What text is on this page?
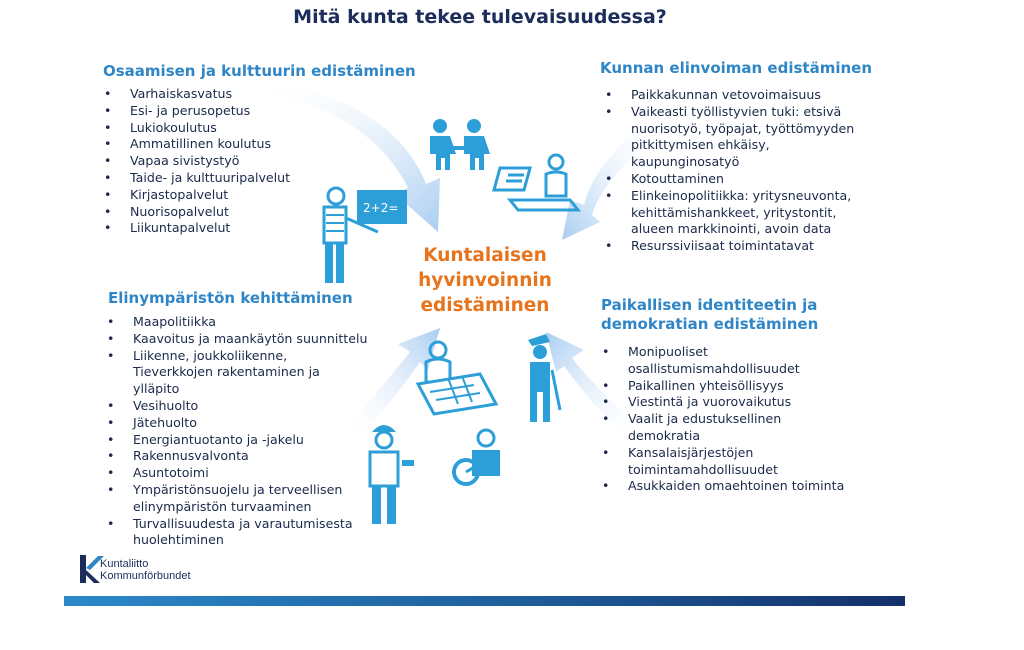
Mitä kunta tekee tulevaisuudessa?
2+2=
Osaamisen ja kulttuurin edistäminen
• Varhaiskasvatus
• Esi- ja perusopetus
• Lukiokoulutus
• Ammatillinen koulutus
• Vapaa sivistystyö
• Taide- ja kulttuuripalvelut
• Kirjastopalvelut
• Nuorisopalvelut
• Liikuntapalvelut
Kunnan elinvoiman edistäminen
• Paikkakunnan vetovoimaisuus
• Vaikeasti työllistyvien tuki: etsivä nuorisotyö, työpajat, työttömyyden pitkittymisen ehkäisy, kaupunginosatyö
• Kotouttaminen
• Elinkeinopolitiikka: yritysneuvonta, kehittämishankkeet, yritystontit, alueen markkinointi, avoin data
• Resurssiviisaat toimintatavat
Kuntalaisen
hyvinvoinnin
edistäminen
Elinympäristön kehittäminen
• Maapolitiikka
• Kaavoitus ja maankäytön suunnittelu
• Liikenne, joukkoliikenne, Tieverkkojen rakentaminen ja ylläpito
• Vesihuolto
• Jätehuolto
• Energiantuotanto ja -jakelu
• Rakennusvalvonta
• Asuntotoimi
• Ympäristönsuojelu ja terveellisen elinympäristön turvaaminen
• Turvallisuudesta ja varautumisesta huolehtiminen
Paikallisen identiteetin ja
demokratian edistäminen
• Monipuoliset osallistumismahdollisuudet
• Paikallinen yhteisöllisyys
• Viestintä ja vuorovaikutus
• Vaalit ja edustuksellinen demokratia
• Kansalaisjärjestöjen toimintamahdollisuudet
• Asukkaiden omaehtoinen toiminta
Kuntaliitto
Kommunförbundet
